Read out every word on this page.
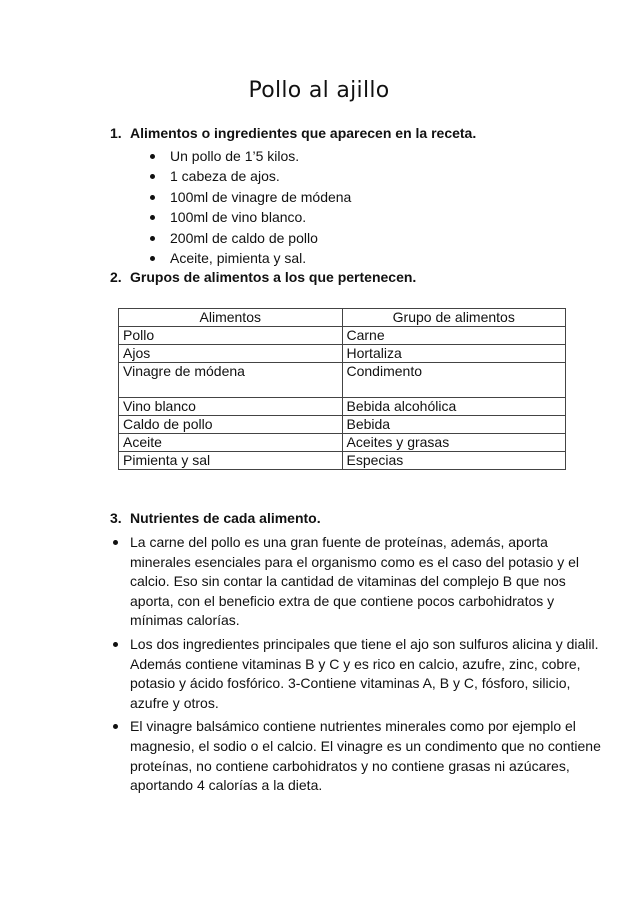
Pollo al ajillo
1. Alimentos o ingredientes que aparecen en la receta.
Un pollo de 1’5 kilos.
1 cabeza de ajos.
100ml de vinagre de módena
100ml de vino blanco.
200ml de caldo de pollo
Aceite, pimienta y sal.
2. Grupos de alimentos a los que pertenecen.
Alimentos	Grupo de alimentos
Pollo	Carne
Ajos	Hortaliza
Vinagre de módena	Condimento
Vino blanco	Bebida alcohólica
Caldo de pollo	Bebida
Aceite	Aceites y grasas
Pimienta y sal	Especias
3. Nutrientes de cada alimento.
La carne del pollo es una gran fuente de proteínas, además, aporta minerales esenciales para el organismo como es el caso del potasio y el calcio. Eso sin contar la cantidad de vitaminas del complejo B que nos aporta, con el beneficio extra de que contiene pocos carbohidratos y mínimas calorías.
Los dos ingredientes principales que tiene el ajo son sulfuros alicina y dialil. Además contiene vitaminas B y C y es rico en calcio, azufre, zinc, cobre, potasio y ácido fosfórico. 3-Contiene vitaminas A, B y C, fósforo, silicio, azufre y otros.
El vinagre balsámico contiene nutrientes minerales como por ejemplo el magnesio, el sodio o el calcio. El vinagre es un condimento que no contiene proteínas, no contiene carbohidratos y no contiene grasas ni azúcares, aportando 4 calorías a la dieta.
